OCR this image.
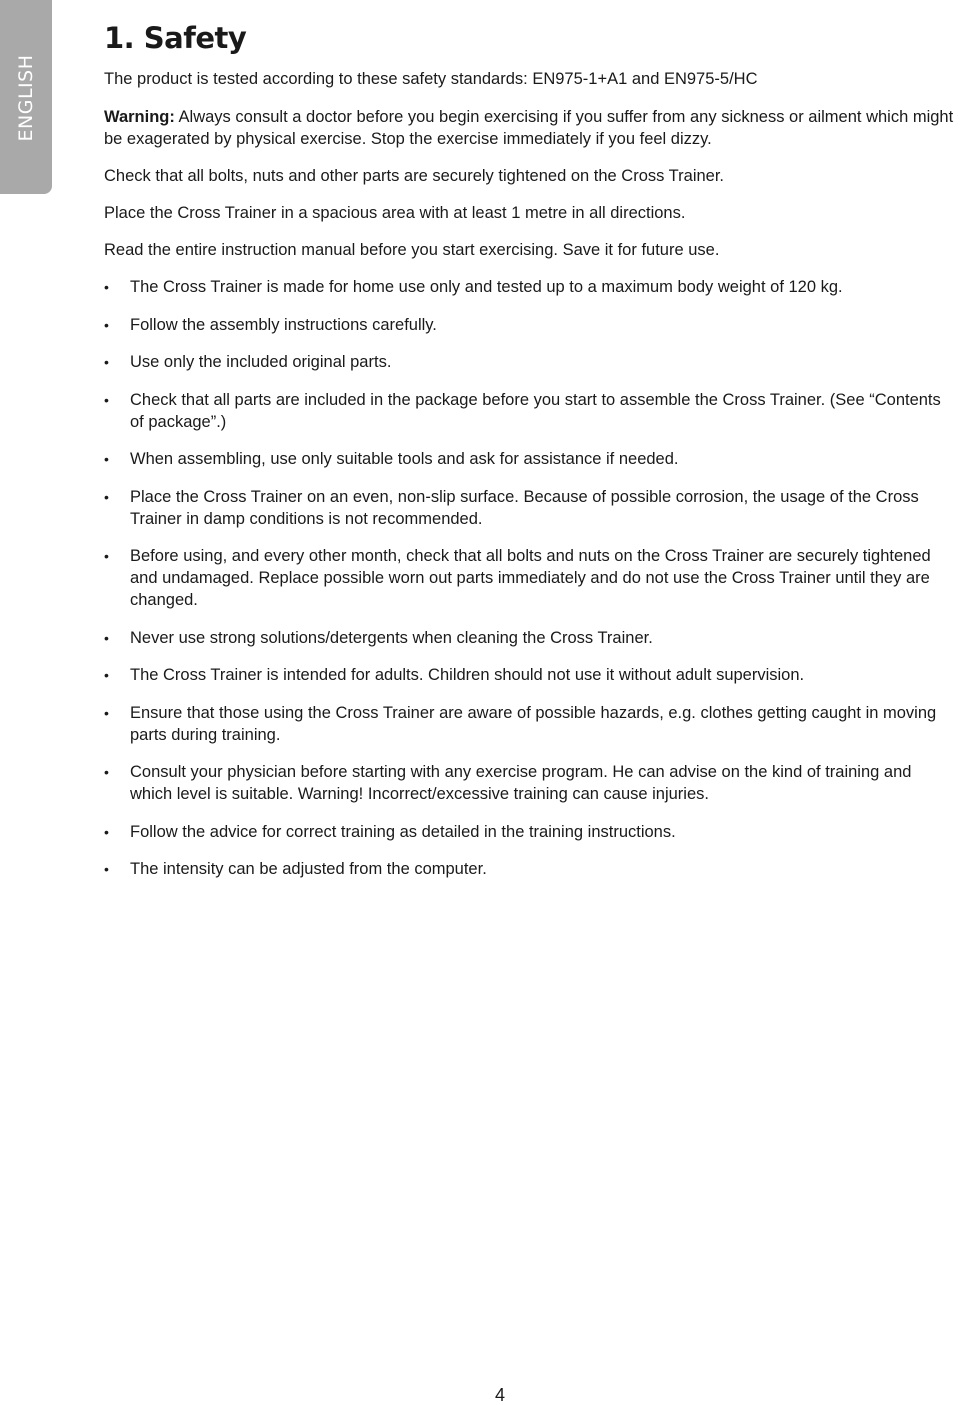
ENGLISH
1. Safety

The product is tested according to these safety standards: EN975-1+A1 and EN975-5/HC

Warning: Always consult a doctor before you begin exercising if you suffer from any sickness or ailment which might be exagerated by physical exercise. Stop the exercise immediately if you feel dizzy.

Check that all bolts, nuts and other parts are securely tightened on the Cross Trainer.

Place the Cross Trainer in a spacious area with at least 1 metre in all directions.

Read the entire instruction manual before you start exercising. Save it for future use.

• The Cross Trainer is made for home use only and tested up to a maximum body weight of 120 kg.
• Follow the assembly instructions carefully.
• Use only the included original parts.
• Check that all parts are included in the package before you start to assemble the Cross Trainer. (See “Contents of package”.)
• When assembling, use only suitable tools and ask for assistance if needed.
• Place the Cross Trainer on an even, non-slip surface. Because of possible corrosion, the usage of the Cross Trainer in damp conditions is not recommended.
• Before using, and every other month, check that all bolts and nuts on the Cross Trainer are securely tightened and undamaged. Replace possible worn out parts immediately and do not use the Cross Trainer until they are changed.
• Never use strong solutions/detergents when cleaning the Cross Trainer.
• The Cross Trainer is intended for adults. Children should not use it without adult supervision.
• Ensure that those using the Cross Trainer are aware of possible hazards, e.g. clothes getting caught in moving parts during training.
• Consult your physician before starting with any exercise program. He can advise on the kind of training and which level is suitable. Warning! Incorrect/excessive training can cause injuries.
• Follow the advice for correct training as detailed in the training instructions.
• The intensity can be adjusted from the computer.
4
